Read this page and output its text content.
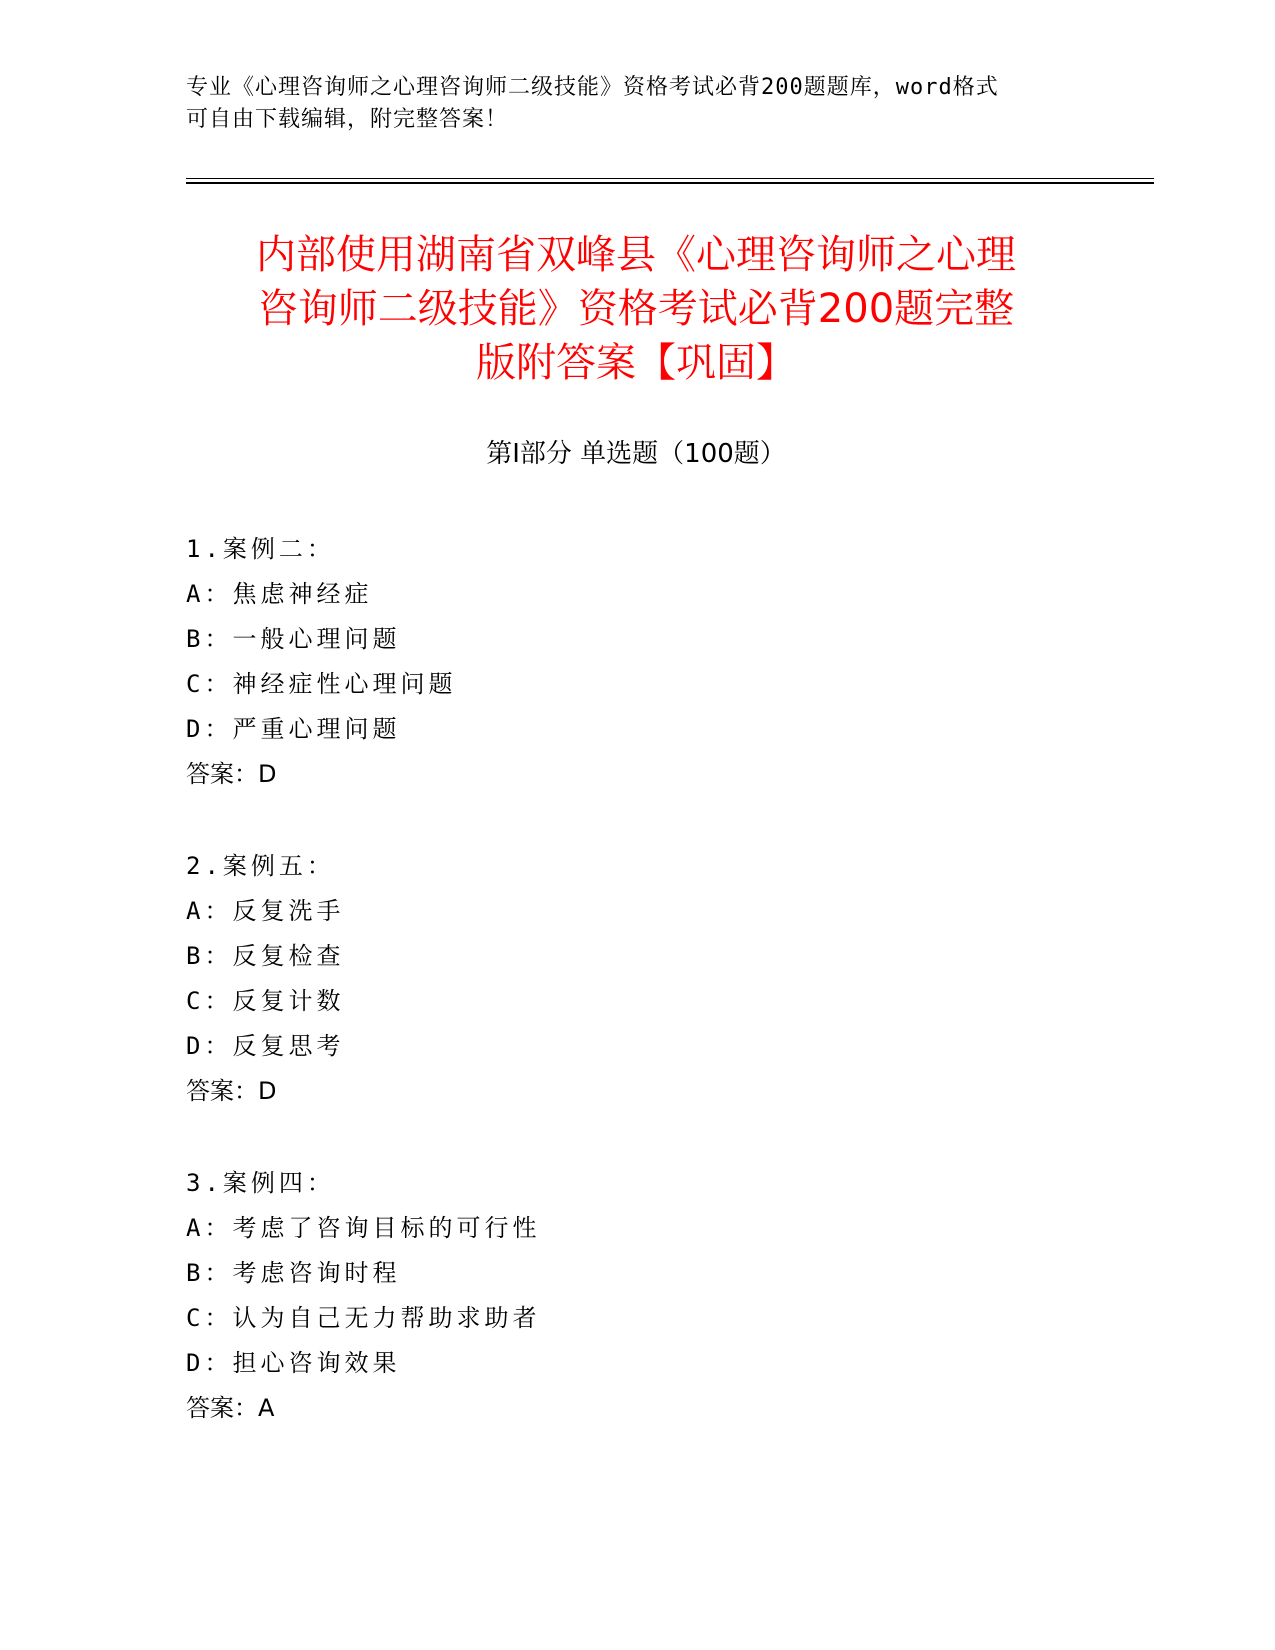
专业《心理咨询师之心理咨询师二级技能》资格考试必背200题题库，word格式
可自由下载编辑，附完整答案！
内部使用湖南省双峰县《心理咨询师之心理
咨询师二级技能》资格考试必背200题完整
版附答案【巩固】
第Ⅰ部分 单选题（100题）
1.案例二：
A：焦虑神经症
B：一般心理问题
C：神经症性心理问题
D：严重心理问题
答案：D
2.案例五：
A：反复洗手
B：反复检查
C：反复计数
D：反复思考
答案：D
3.案例四：
A：考虑了咨询目标的可行性
B：考虑咨询时程
C：认为自己无力帮助求助者
D：担心咨询效果
答案：A
